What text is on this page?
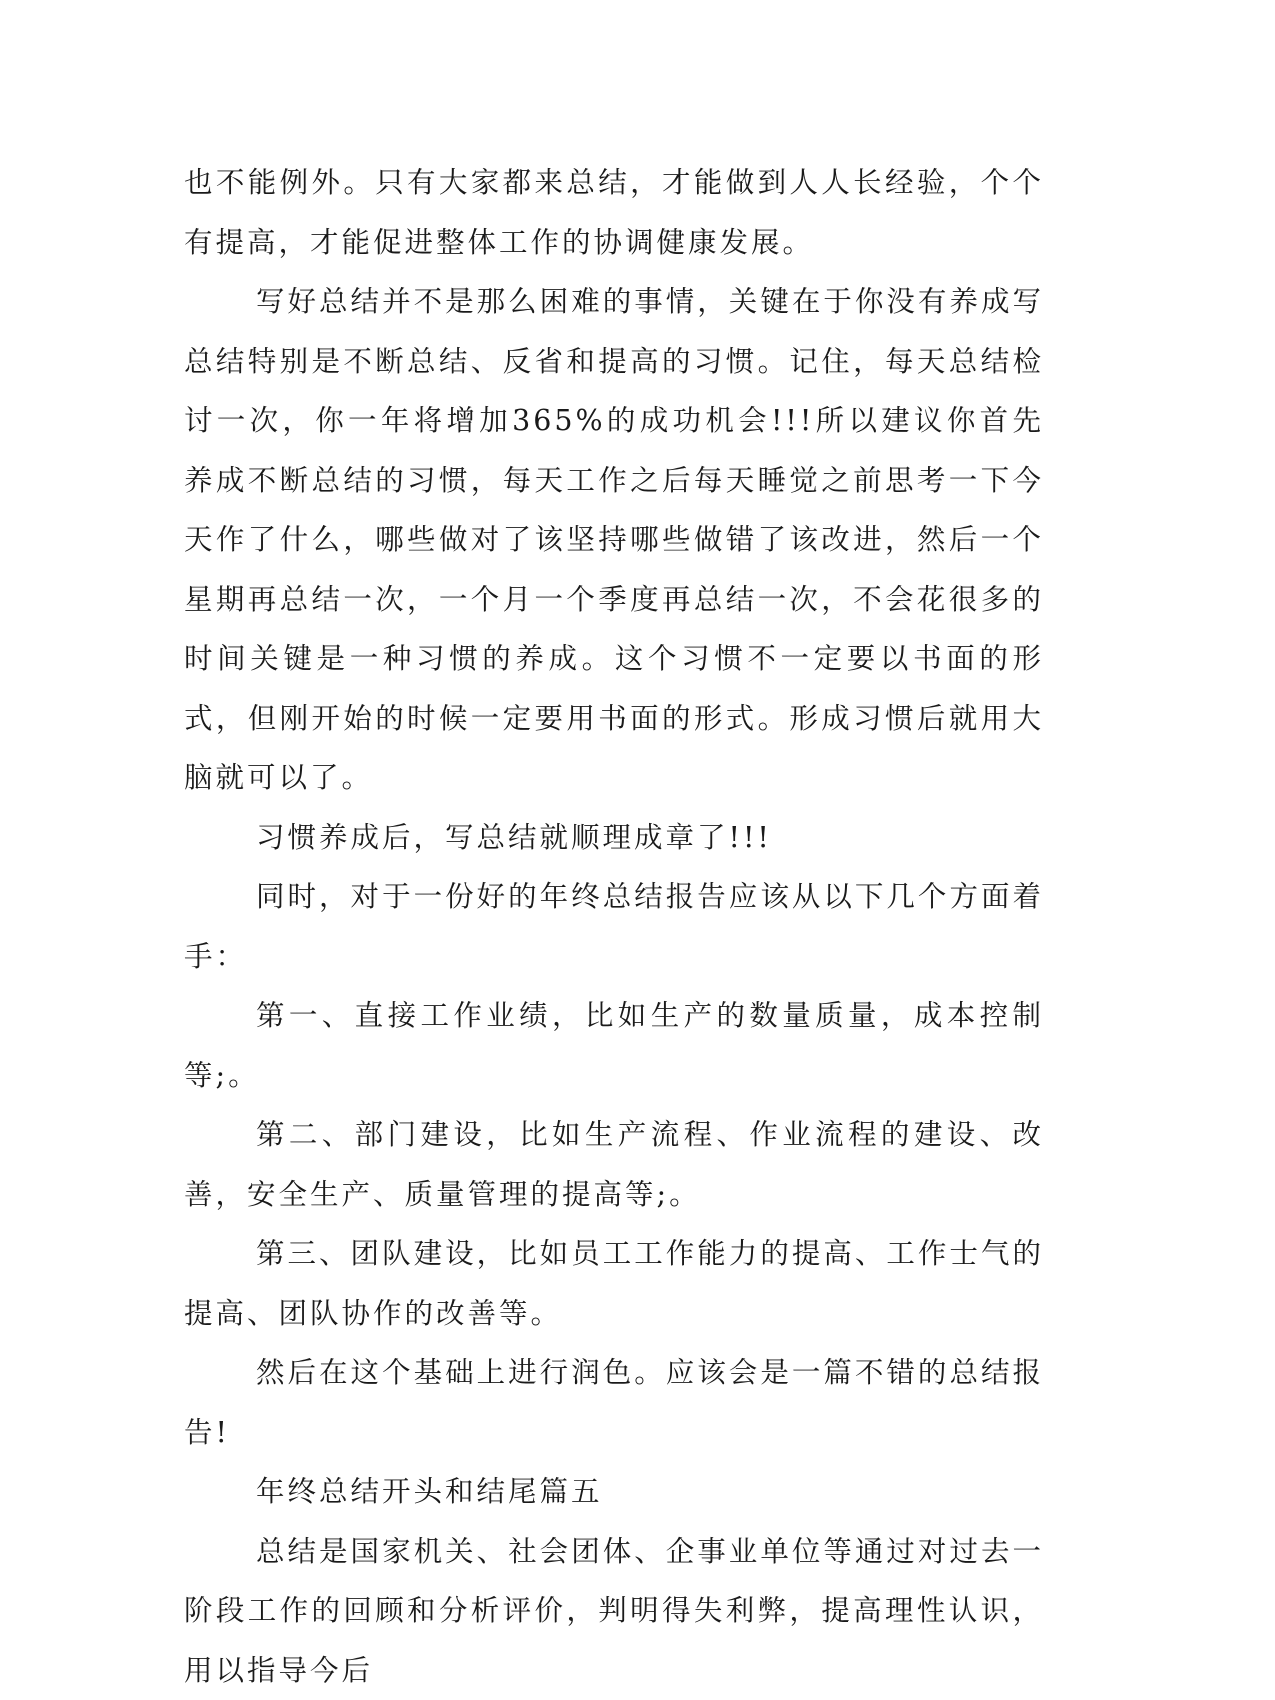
也不能例外。只有大家都来总结，才能做到人人长经验，个个有提高，才能促进整体工作的协调健康发展。

写好总结并不是那么困难的事情，关键在于你没有养成写总结特别是不断总结、反省和提高的习惯。记住，每天总结检讨一次，你一年将增加365%的成功机会!!!所以建议你首先养成不断总结的习惯，每天工作之后每天睡觉之前思考一下今天作了什么，哪些做对了该坚持哪些做错了该改进，然后一个星期再总结一次，一个月一个季度再总结一次，不会花很多的时间关键是一种习惯的养成。这个习惯不一定要以书面的形式，但刚开始的时候一定要用书面的形式。形成习惯后就用大脑就可以了。

习惯养成后，写总结就顺理成章了!!!

同时，对于一份好的年终总结报告应该从以下几个方面着手：

第一、直接工作业绩，比如生产的数量质量，成本控制等;。

第二、部门建设，比如生产流程、作业流程的建设、改善，安全生产、质量管理的提高等;。

第三、团队建设，比如员工工作能力的提高、工作士气的提高、团队协作的改善等。

然后在这个基础上进行润色。应该会是一篇不错的总结报告!

年终总结开头和结尾篇五

总结是国家机关、社会团体、企事业单位等通过对过去一阶段工作的回顾和分析评价，判明得失利弊，提高理性认识，用以指导今后
